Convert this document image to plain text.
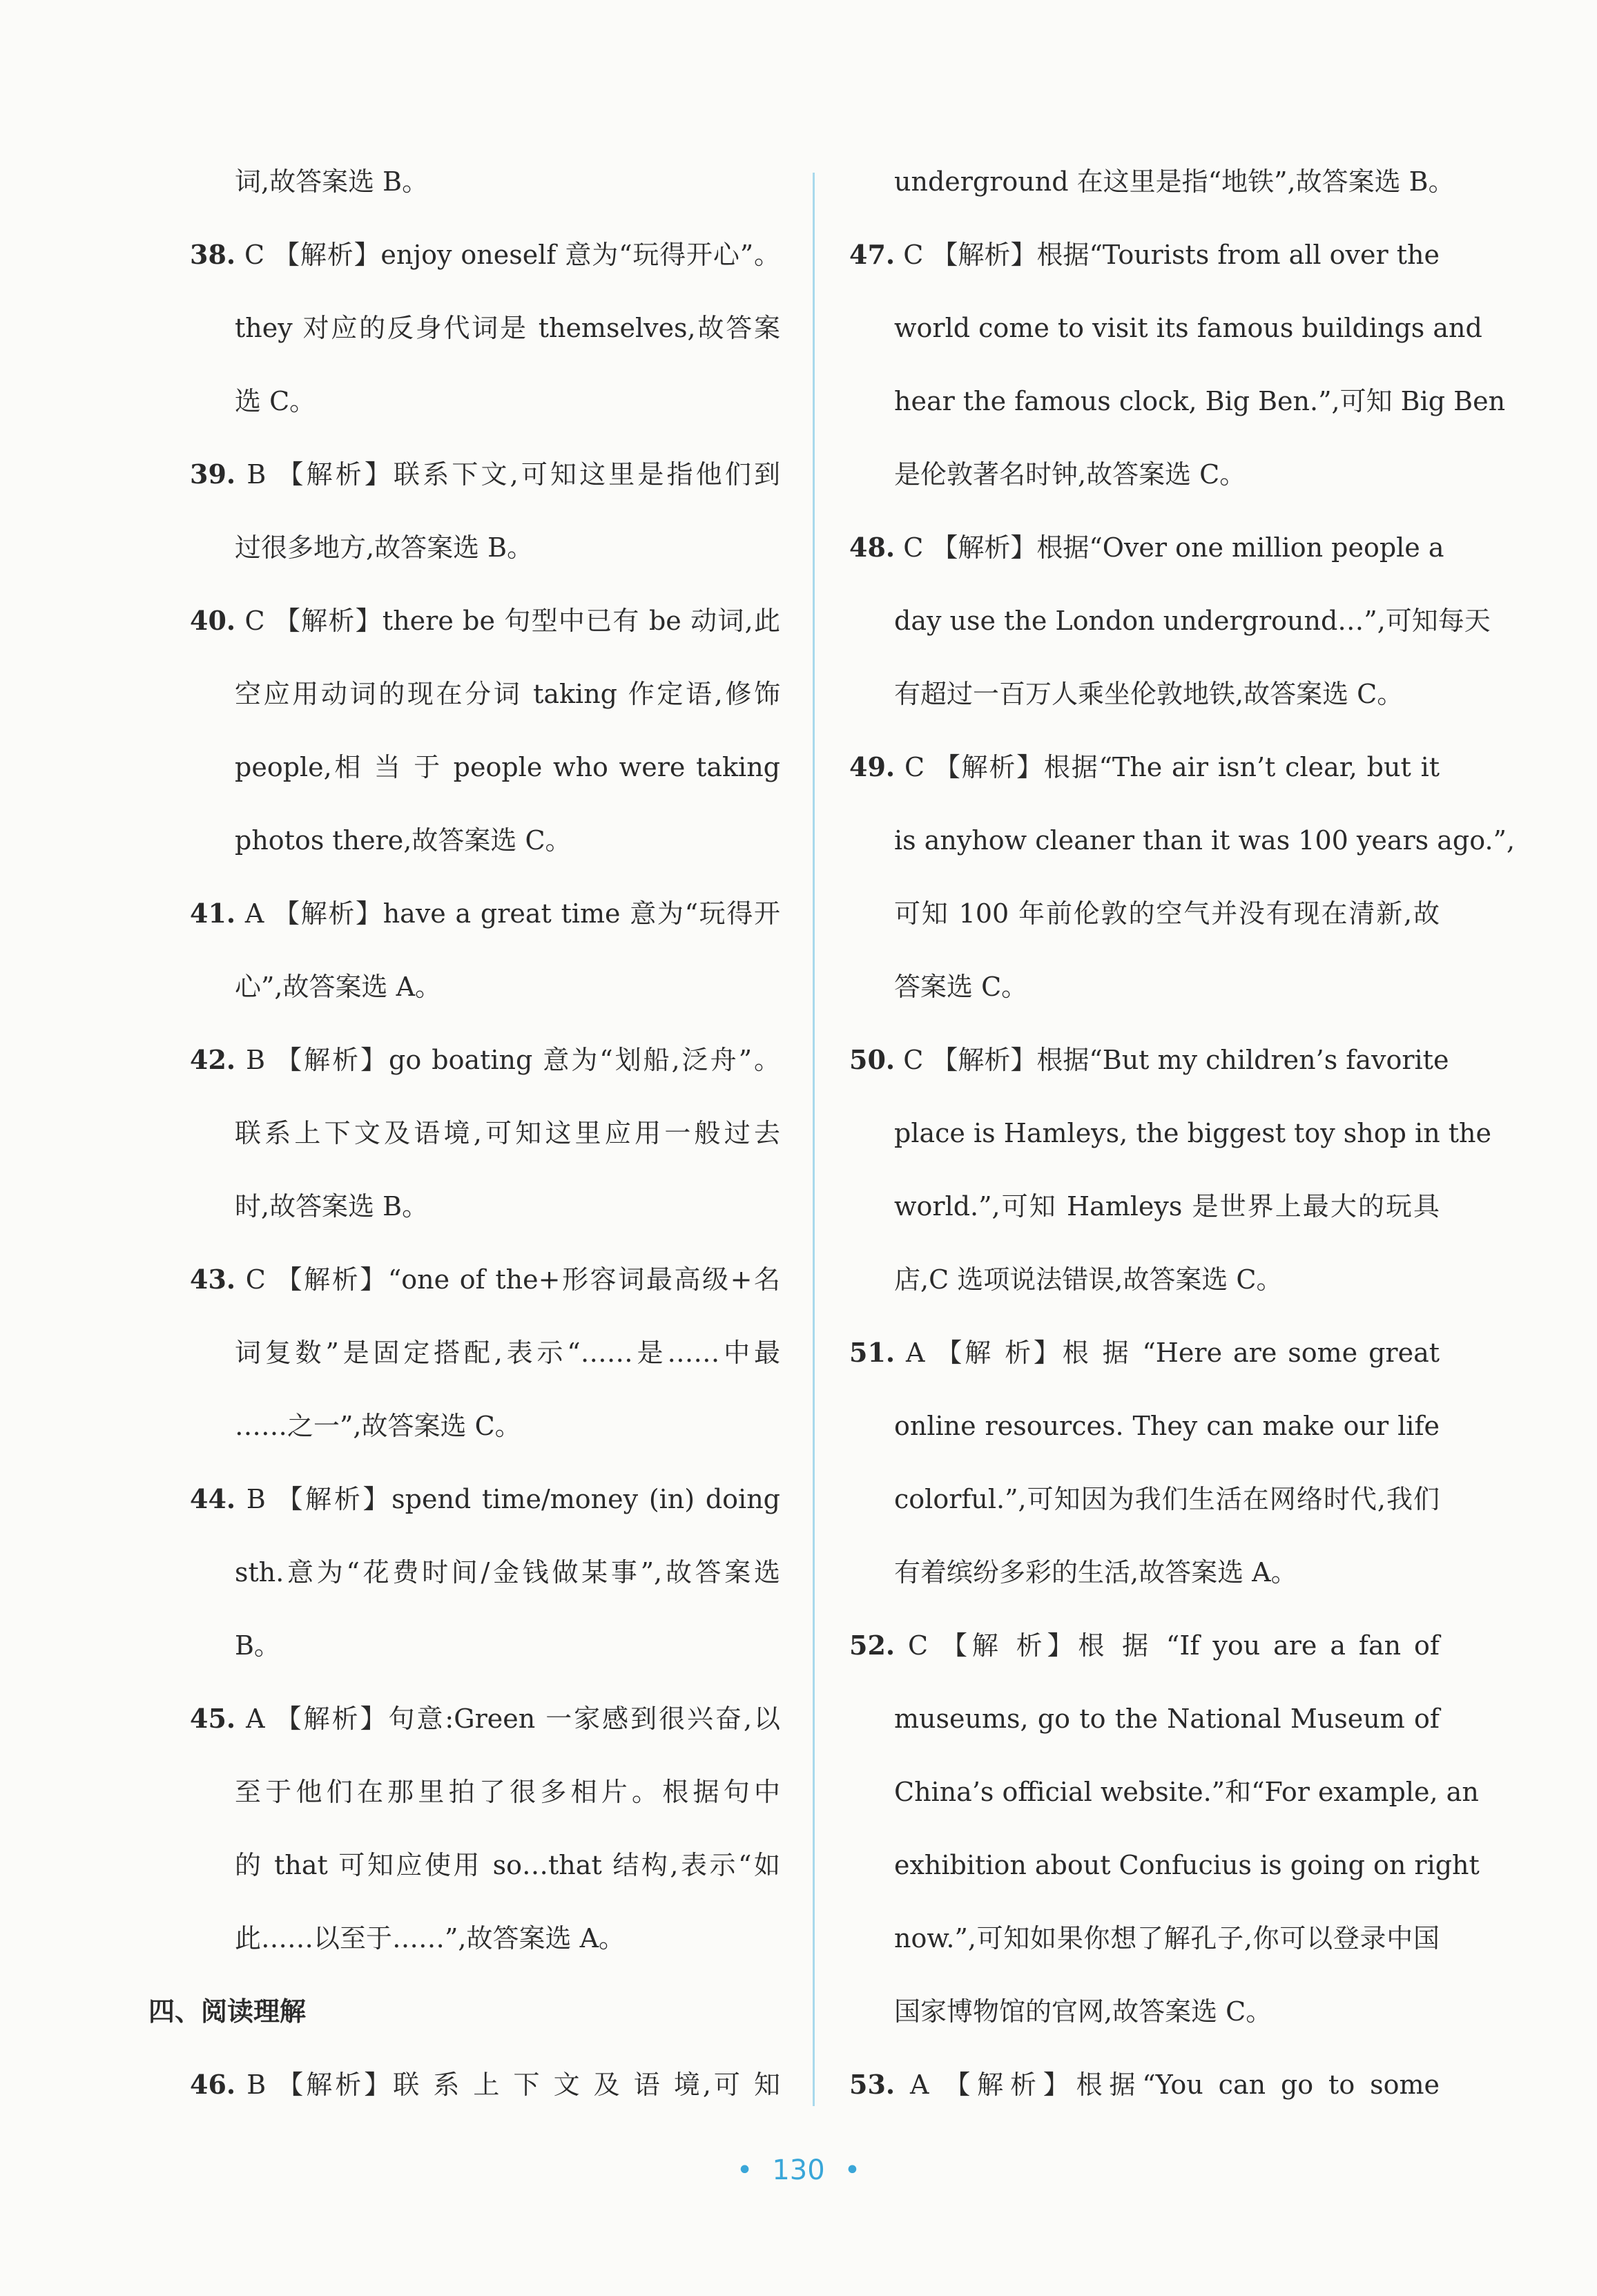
词,故答案选 B。
38. C 【解析】enjoy oneself 意为“玩得开心”。
they 对应的反身代词是 themselves,故答案
选 C。
39. B 【解析】联系下文,可知这里是指他们到
过很多地方,故答案选 B。
40. C 【解析】there be 句型中已有 be 动词,此
空应用动词的现在分词 taking 作定语,修饰
people,相 当 于 people who were taking
photos there,故答案选 C。
41. A 【解析】have a great time 意为“玩得开
心”,故答案选 A。
42. B 【解析】go boating 意为“划船,泛舟”。
联系上下文及语境,可知这里应用一般过去
时,故答案选 B。
43. C 【解析】“one of the+形容词最高级+名
词复数”是固定搭配,表示“……是……中最
……之一”,故答案选 C。
44. B 【解析】spend time/money (in) doing
sth.意为“花费时间/金钱做某事”,故答案选
B。
45. A 【解析】句意:Green 一家感到很兴奋,以
至于他们在那里拍了很多相片。根据句中
的 that 可知应使用 so…that 结构,表示“如
此……以至于……”,故答案选 A。
四、阅读理解
46. B 【解析】联 系 上 下 文 及 语 境,可 知
underground 在这里是指“地铁”,故答案选 B。
47. C 【解析】根据“Tourists from all over the
world come to visit its famous buildings and
hear the famous clock, Big Ben.”,可知 Big Ben
是伦敦著名时钟,故答案选 C。
48. C 【解析】根据“Over one million people a
day use the London underground…”,可知每天
有超过一百万人乘坐伦敦地铁,故答案选 C。
49. C 【解析】根据“The air isn’t clear, but it
is anyhow cleaner than it was 100 years ago.”,
可知 100 年前伦敦的空气并没有现在清新,故
答案选 C。
50. C 【解析】根据“But my children’s favorite
place is Hamleys, the biggest toy shop in the
world.”,可知 Hamleys 是世界上最大的玩具
店,C 选项说法错误,故答案选 C。
51. A 【解 析】根 据 “Here are some great
online resources. They can make our life
colorful.”,可知因为我们生活在网络时代,我们
有着缤纷多彩的生活,故答案选 A。
52. C 【解 析】根 据 “If you are a fan of
museums, go to the National Museum of
China’s official website.”和“For example, an
exhibition about Confucius is going on right
now.”,可知如果你想了解孔子,你可以登录中国
国家博物馆的官网,故答案选 C。
53. A 【解析】根据“You can go to some
• 130 •
